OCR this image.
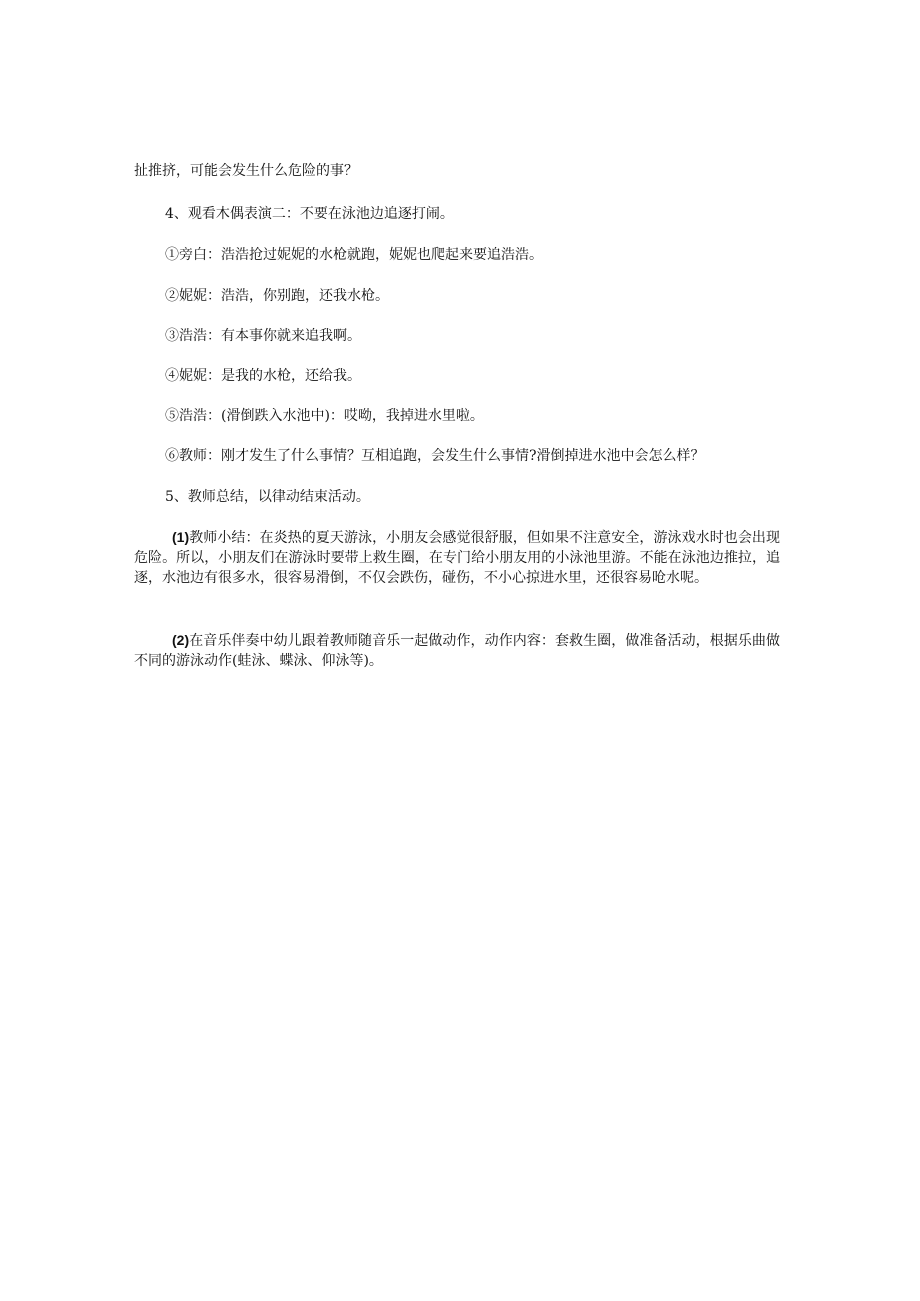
扯推挤，可能会发生什么危险的事？
4、观看木偶表演二：不要在泳池边追逐打闹。
①旁白：浩浩抢过妮妮的水枪就跑，妮妮也爬起来要追浩浩。
②妮妮：浩浩，你别跑，还我水枪。
③浩浩：有本事你就来追我啊。
④妮妮：是我的水枪，还给我。
⑤浩浩：(滑倒跌入水池中)：哎呦，我掉进水里啦。
⑥教师：刚才发生了什么事情？互相追跑，会发生什么事情?滑倒掉进水池中会怎么样？
5、教师总结，以律动结束活动。
(1)教师小结：在炎热的夏天游泳，小朋友会感觉很舒服，但如果不注意安全，游泳戏水时也会出现危险。所以，小朋友们在游泳时要带上救生圈，在专门给小朋友用的小泳池里游。不能在泳池边推拉，追逐，水池边有很多水，很容易滑倒，不仅会跌伤，碰伤，不小心掠进水里，还很容易呛水呢。
(2)在音乐伴奏中幼儿跟着教师随音乐一起做动作，动作内容：套救生圈，做准备活动，根据乐曲做不同的游泳动作(蛙泳、蝶泳、仰泳等)。
